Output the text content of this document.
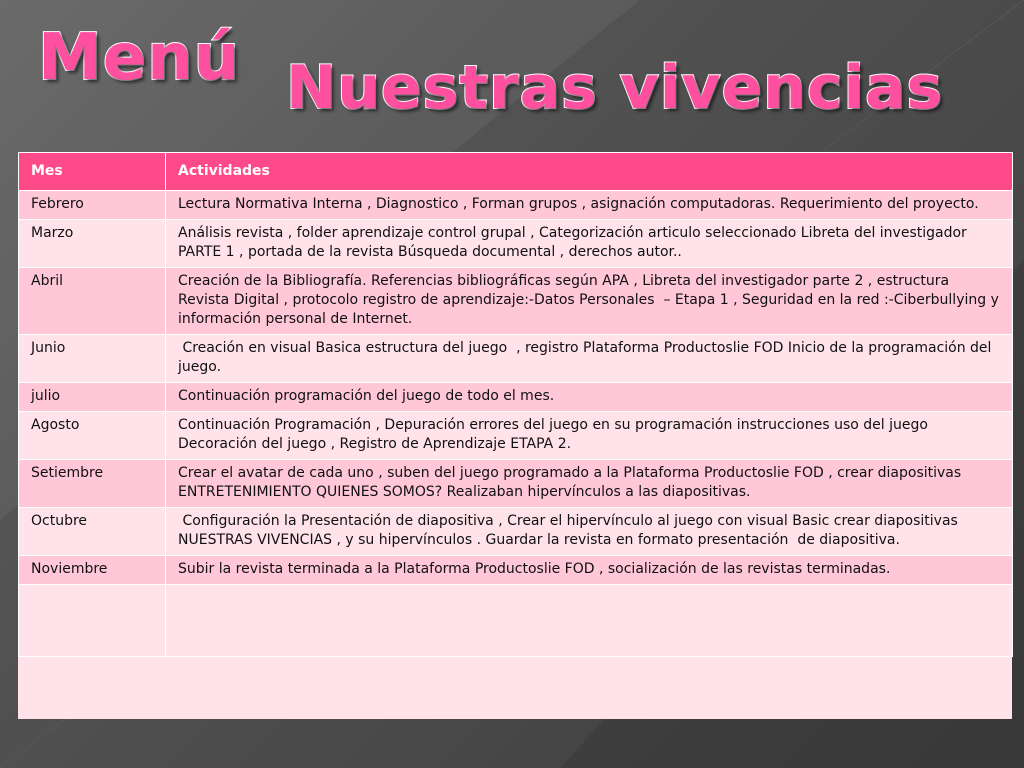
Menú Nuestras vivencias
Mes	Actividades
Febrero	Lectura Normativa Interna , Diagnostico , Forman grupos , asignación computadoras. Requerimiento del proyecto.
Marzo	Análisis revista , folder aprendizaje control grupal , Categorización articulo seleccionado Libreta del investigador PARTE 1 , portada de la revista Búsqueda documental , derechos autor..
Abril	Creación de la Bibliografía. Referencias bibliográficas según APA , Libreta del investigador parte 2 , estructura Revista Digital , protocolo registro de aprendizaje:-Datos Personales  – Etapa 1 , Seguridad en la red :-Ciberbullying y información personal de Internet.
Junio	Creación en visual Basica estructura del juego  , registro Plataforma Productoslie FOD Inicio de la programación del juego.
julio	Continuación programación del juego de todo el mes.
Agosto	Continuación Programación , Depuración errores del juego en su programación instrucciones uso del juego Decoración del juego , Registro de Aprendizaje ETAPA 2.
Setiembre	Crear el avatar de cada uno , suben del juego programado a la Plataforma Productoslie FOD , crear diapositivas ENTRETENIMIENTO QUIENES SOMOS? Realizaban hipervínculos a las diapositivas.
Octubre	Configuración la Presentación de diapositiva , Crear el hipervínculo al juego con visual Basic crear diapositivas NUESTRAS VIVENCIAS , y su hipervínculos . Guardar la revista en formato presentación  de diapositiva.
Noviembre	Subir la revista terminada a la Plataforma Productoslie FOD , socialización de las revistas terminadas.
